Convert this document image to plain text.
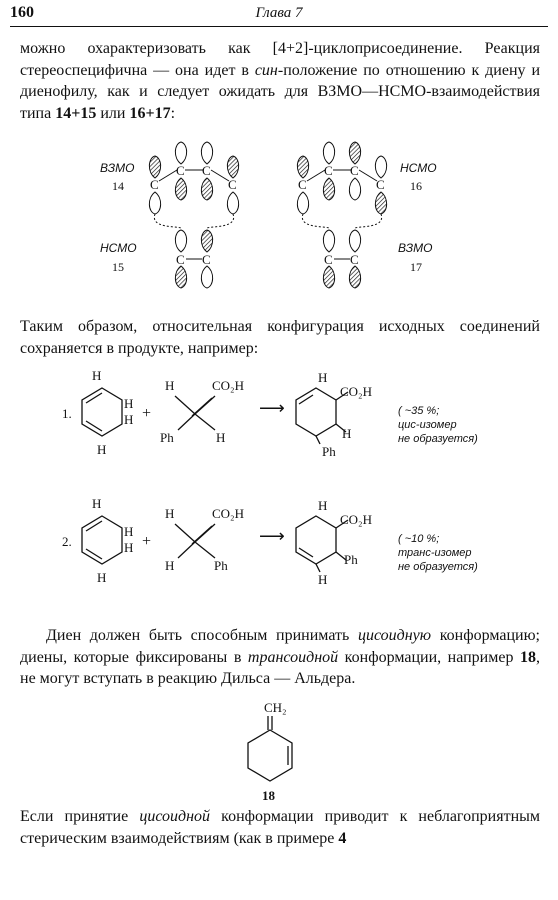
160	Глава 7
можно охарактеризовать как [4+2]-циклоприсоединение. Реакция стереоспецифична — она идет в син-положение по отношению к диену и диенофилу, как и следует ожидать для ВЗМО—НСМО-взаимодействия типа 14+15 или 16+17:
ВЗМО
14 C
C C
C
НСМО
15	C C
НСМО
16
C
C C
C
ВЗМО
17
C C
Таким образом, относительная конфигурация исходных соединений сохраняется в продукте, например:
1.
H
H
H
H
+
H	CO₂H
Ph	H
⟶
H
CO₂H
H
Ph
( ~35 %;
цис-изомер
не образуется)
2.
H
H
H
H
+
H	CO₂H
H	Ph
⟶
H
CO₂H
Ph
H
( ~10 %;
транс-изомер
не образуется)
Диен должен быть способным принимать цисоидную конформацию; диены, которые фиксированы в трансоидной конформации, например 18, не могут вступать в реакцию Дильса — Альдера.
CH₂
18
Если принятие цисоидной конформации приводит к неблагоприятным стерическим взаимодействиям (как в примере 4
